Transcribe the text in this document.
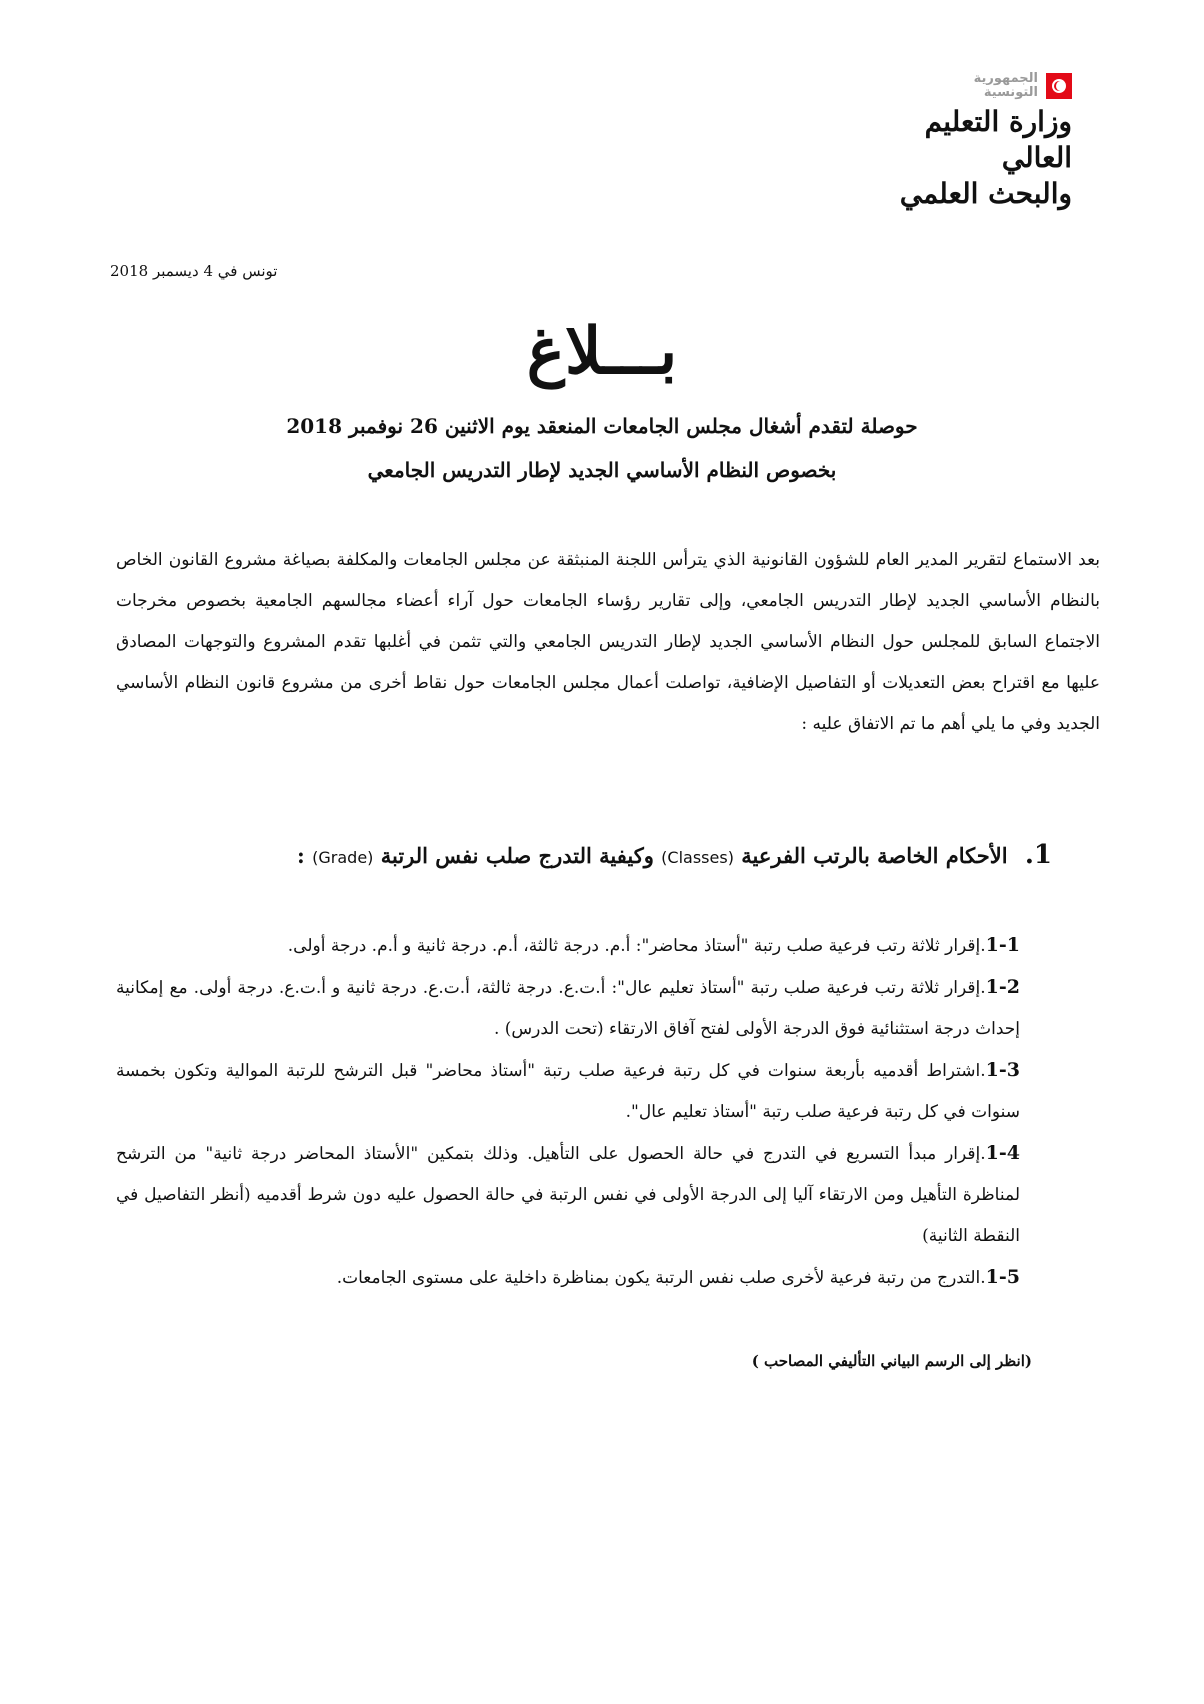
الجمهورية
التونسية
وزارة التعليم العالي
والبحث العلمي
تونس في 4 ديسمبر 2018
بـــلاغ
حوصلة لتقدم أشغال مجلس الجامعات المنعقد يوم الاثنين 26 نوفمبر 2018
بخصوص النظام الأساسي الجديد لإطار التدريس الجامعي

بعد الاستماع لتقرير المدير العام للشؤون القانونية الذي يترأس اللجنة المنبثقة عن مجلس الجامعات والمكلفة بصياغة مشروع القانون الخاص بالنظام الأساسي الجديد لإطار التدريس الجامعي، وإلى تقارير رؤساء الجامعات حول آراء أعضاء مجالسهم الجامعية بخصوص مخرجات الاجتماع السابق للمجلس حول النظام الأساسي الجديد لإطار التدريس الجامعي والتي تثمن في أغلبها تقدم المشروع والتوجهات المصادق عليها مع اقتراح بعض التعديلات أو التفاصيل الإضافية، تواصلت أعمال مجلس الجامعات حول نقاط أخرى من مشروع قانون النظام الأساسي الجديد وفي ما يلي أهم ما تم الاتفاق عليه :

1. الأحكام الخاصة بالرتب الفرعية (Classes) وكيفية التدرج صلب نفس الرتبة (Grade) :

1-1.إقرار ثلاثة رتب فرعية صلب رتبة "أستاذ محاضر": أ.م. درجة ثالثة، أ.م. درجة ثانية و أ.م. درجة أولى.

1-2.إقرار ثلاثة رتب فرعية صلب رتبة "أستاذ تعليم عال": أ.ت.ع. درجة ثالثة، أ.ت.ع. درجة ثانية و أ.ت.ع. درجة أولى. مع إمكانية إحداث درجة استثنائية فوق الدرجة الأولى لفتح آفاق الارتقاء (تحت الدرس) .

1-3.اشتراط أقدميه بأربعة سنوات في كل رتبة فرعية صلب رتبة "أستاذ محاضر" قبل الترشح للرتبة الموالية وتكون بخمسة سنوات في كل رتبة فرعية صلب رتبة "أستاذ تعليم عال".

1-4.إقرار مبدأ التسريع في التدرج في حالة الحصول على التأهيل. وذلك بتمكين "الأستاذ المحاضر درجة ثانية" من الترشح لمناظرة التأهيل ومن الارتقاء آليا إلى الدرجة الأولى في نفس الرتبة في حالة الحصول عليه دون شرط أقدميه (أنظر التفاصيل في النقطة الثانية)

1-5.التدرج من رتبة فرعية لأخرى صلب نفس الرتبة يكون بمناظرة داخلية على مستوى الجامعات.

(انظر إلى الرسم البياني التأليفي المصاحب )
